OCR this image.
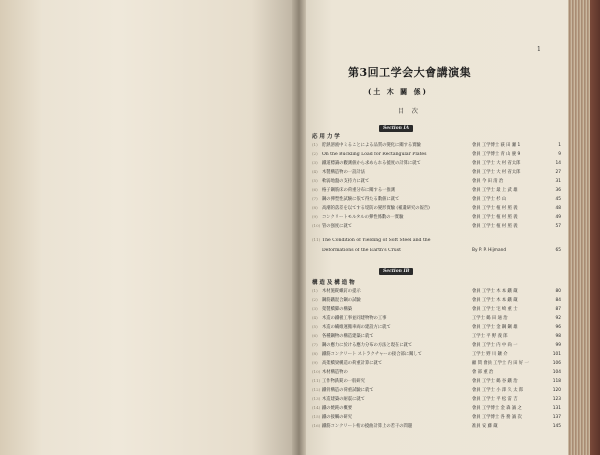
1
第3回工学会大會講演集
(土 木 關 係)
目 次
Section IA
応 用 力 学
(1)	貯熱溶液中ミることによる品質の變化に關する實驗	會員 工学博士 萩 田 瀬 1	1
(2) On the Buckling Load for Rectangular Plates	會員 工学博士 青 山 慶 9	9
(3)	鐵道標識の觀測値から求められる撓度の計算に就て	會員 工学士 大 村 省太郎	14
(4)	木製構造物の一設計法	會員 工学士 大 村 省太郎	27
(5)	軟弱地盤の支持力に就て	會員 今 田 清 治	31
(6)	格子鋼筋床の荷重分布に關する一推測	會員 工学士 最 上 武 雄	36
(7)	鋼の彈塑性試験に依て得たる數値に就て	會員 工学士 杉 山	45
(8)	高潮的落差を以てする堤防の變形實驗 (補遺研究の報告)	會員 工学士 植 村 照 義	48
(9)	コンクリートモルタルの彈性係數の一實驗	會員 工学士 植 村 照 義	49
(10) 管の强度に就て	會員 工学士 植 村 照 義	57
(11) The Condition of Yielding of Soft Steel and the
Deformations of the Earth's Crust	By P. P. Hijmand	65
Section IB
構 造 及 構 造 物
(1)	木材施錠螺釘の提示	會員 工学士 木 本 鐵 蔵	80
(2)	鋼筋鐵混合鋼の試驗	會員 工学士 木 本 鐵 蔵	84
(3)	架製橋脚の構築	會員 工学士 宅 崎 重 士	87
(4)	木造の鐵板工事並同建物物の工事	工学士 鶴 田 通 治	92
(5)	木造の繊維運搬車両の建設方に就て	會員 工学士 金 鋼 鋼 雄	96
(6)	各種鋼物の構造建築に就て	工学士 平 野 義 郎	98
(7)	鋼の應力に於ける應力分布の方法と現在に就て	會員 工学士 内 中 尚 一	99
(8)	鐵筋コンクリート ストラクチャーの接合部に關して	工学士 野 川 鑛 介	101
(9)	高架橋梁構造の荷重計算に就て	顧 問 會員 工学士 内 田 好 一	106
(10) 木材構造物の	會 部 重 治	104
(11) 工作物鉄錠の一般研究	會員 工学士 鶴 谷 鐵 治	118
(12) 鐵骨構造の荷重試驗に就て	會員 工学士 小 澤 久 太 郎	120
(13) 木造建築の耐震に就て	會員 工学士 平 松 雷 吉	123
(14) 鐵の焼鈍の概要	會員 工学博士 金 森 誠 之	131
(15) 鐵の接觸の研究	會員 工学博士 各 務 誠 次	137
(16) 鐵筋コンクリート桁の撓曲計算上の若干の問題	准員 安 藤 蔵	145
